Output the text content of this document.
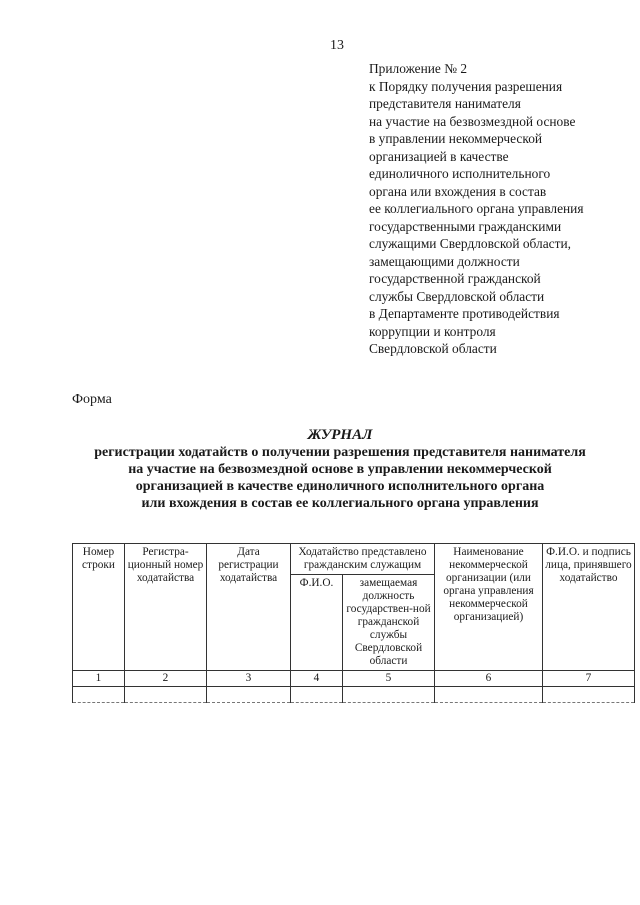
13
Приложение № 2
к Порядку получения разрешения
представителя нанимателя
на участие на безвозмездной основе
в управлении некоммерческой
организацией в качестве
единоличного исполнительного
органа или вхождения в состав
ее коллегиального органа управления
государственными гражданскими
служащими Свердловской области,
замещающими должности
государственной гражданской
службы Свердловской области
в Департаменте противодействия
коррупции и контроля
Свердловской области
Форма
ЖУРНАЛ
регистрации ходатайств о получении разрешения представителя нанимателя
на участие на безвозмездной основе в управлении некоммерческой
организацией в качестве единоличного исполнительного органа
или вхождения в состав ее коллегиального органа управления
Номер строки	Регистра-ционный номер ходатайства	Дата регистрации ходатайства	Ходатайство представлено гражданским служащим		Наименование некоммерческой организации (или органа управления некоммерческой организацией)	Ф.И.О. и подпись лица, принявшего ходатайство
			Ф.И.О.	замещаемая должность государствен-ной гражданской службы Свердловской области		
1	2	3	4	5	6	7
